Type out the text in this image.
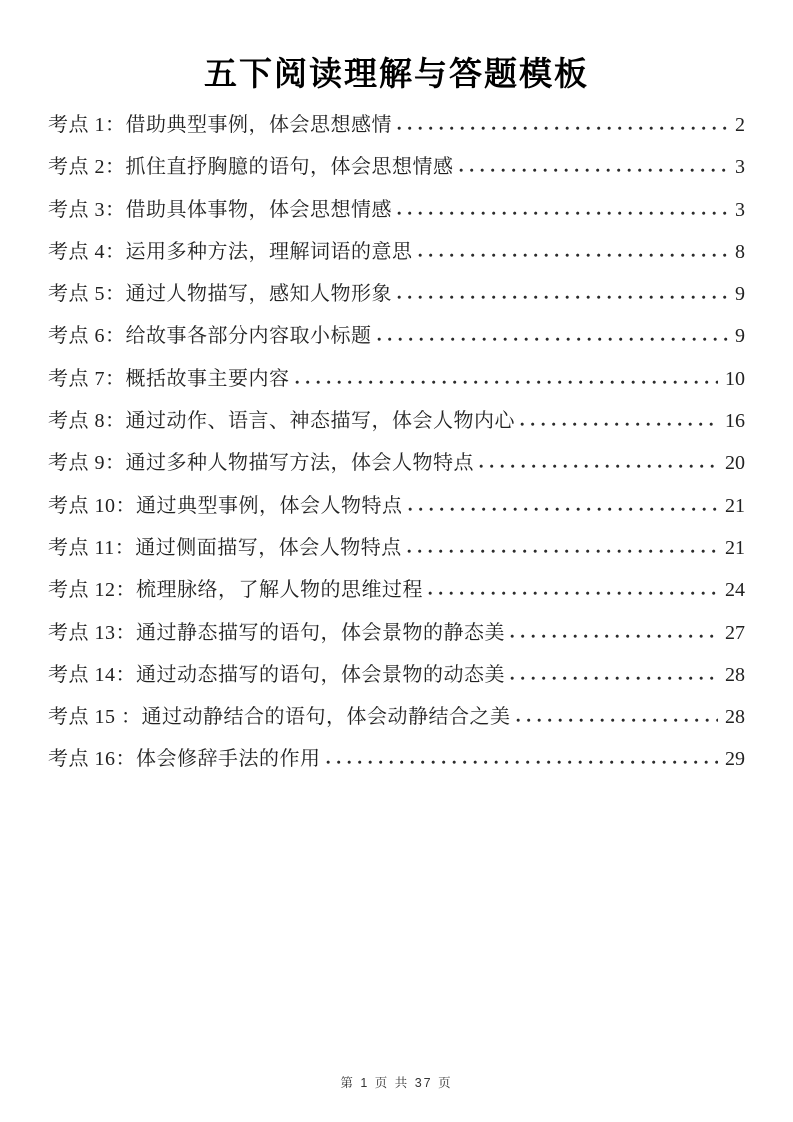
五下阅读理解与答题模板
考点 1：借助典型事例，体会思想感情	2
考点 2：抓住直抒胸臆的语句，体会思想情感	3
考点 3：借助具体事物，体会思想情感	3
考点 4：运用多种方法，理解词语的意思	8
考点 5：通过人物描写，感知人物形象	9
考点 6：给故事各部分内容取小标题	9
考点 7：概括故事主要内容	10
考点 8：通过动作、语言、神态描写，体会人物内心	16
考点 9：通过多种人物描写方法，体会人物特点	20
考点 10：通过典型事例，体会人物特点	21
考点 11：通过侧面描写，体会人物特点	21
考点 12：梳理脉络，了解人物的思维过程	24
考点 13：通过静态描写的语句，体会景物的静态美	27
考点 14：通过动态描写的语句，体会景物的动态美	28
考点 15 ：通过动静结合的语句，体会动静结合之美	28
考点 16：体会修辞手法的作用	29
第 1 页 共 37 页
